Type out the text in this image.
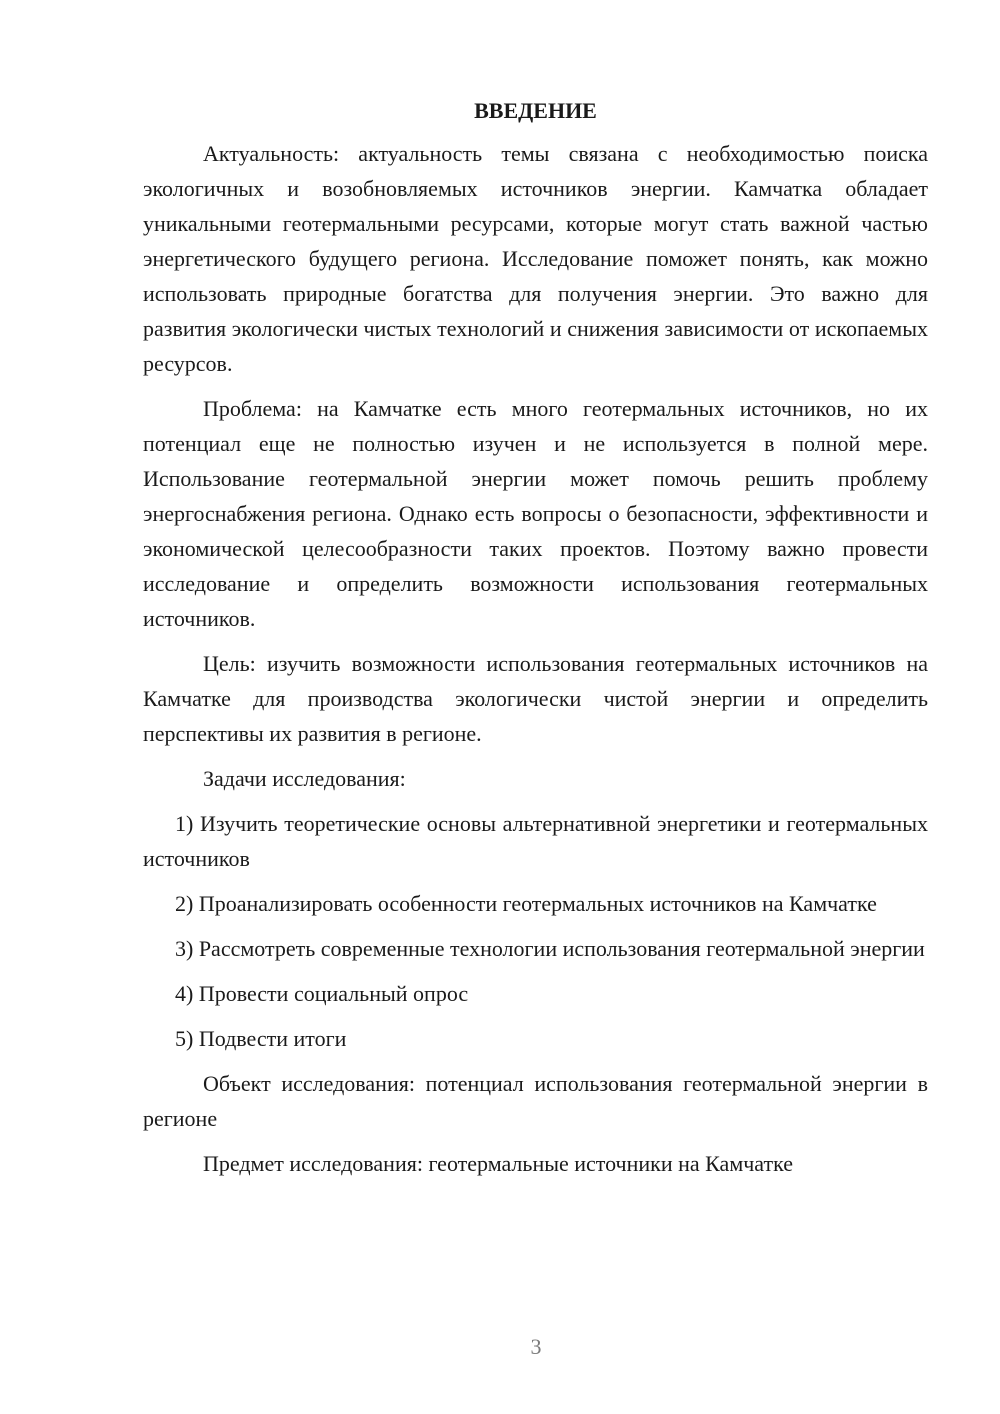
ВВЕДЕНИЕ

Актуальность: актуальность темы связана с необходимостью поиска экологичных и возобновляемых источников энергии. Камчатка обладает уникальными геотермальными ресурсами, которые могут стать важной частью энергетического будущего региона. Исследование поможет понять, как можно использовать природные богатства для получения энергии. Это важно для развития экологически чистых технологий и снижения зависимости от ископаемых ресурсов.

Проблема: на Камчатке есть много геотермальных источников, но их потенциал еще не полностью изучен и не используется в полной мере. Использование геотермальной энергии может помочь решить проблему энергоснабжения региона. Однако есть вопросы о безопасности, эффективности и экономической целесообразности таких проектов. Поэтому важно провести исследование и определить возможности использования геотермальных источников.

Цель: изучить возможности использования геотермальных источников на Камчатке для производства экологически чистой энергии и определить перспективы их развития в регионе.

Задачи исследования:

1) Изучить теоретические основы альтернативной энергетики и геотермальных источников

2) Проанализировать особенности геотермальных источников на Камчатке

3) Рассмотреть современные технологии использования геотермальной энергии

4) Провести социальный опрос

5) Подвести итоги

Объект исследования: потенциал использования геотермальной энергии в регионе

Предмет исследования: геотермальные источники на Камчатке

3
